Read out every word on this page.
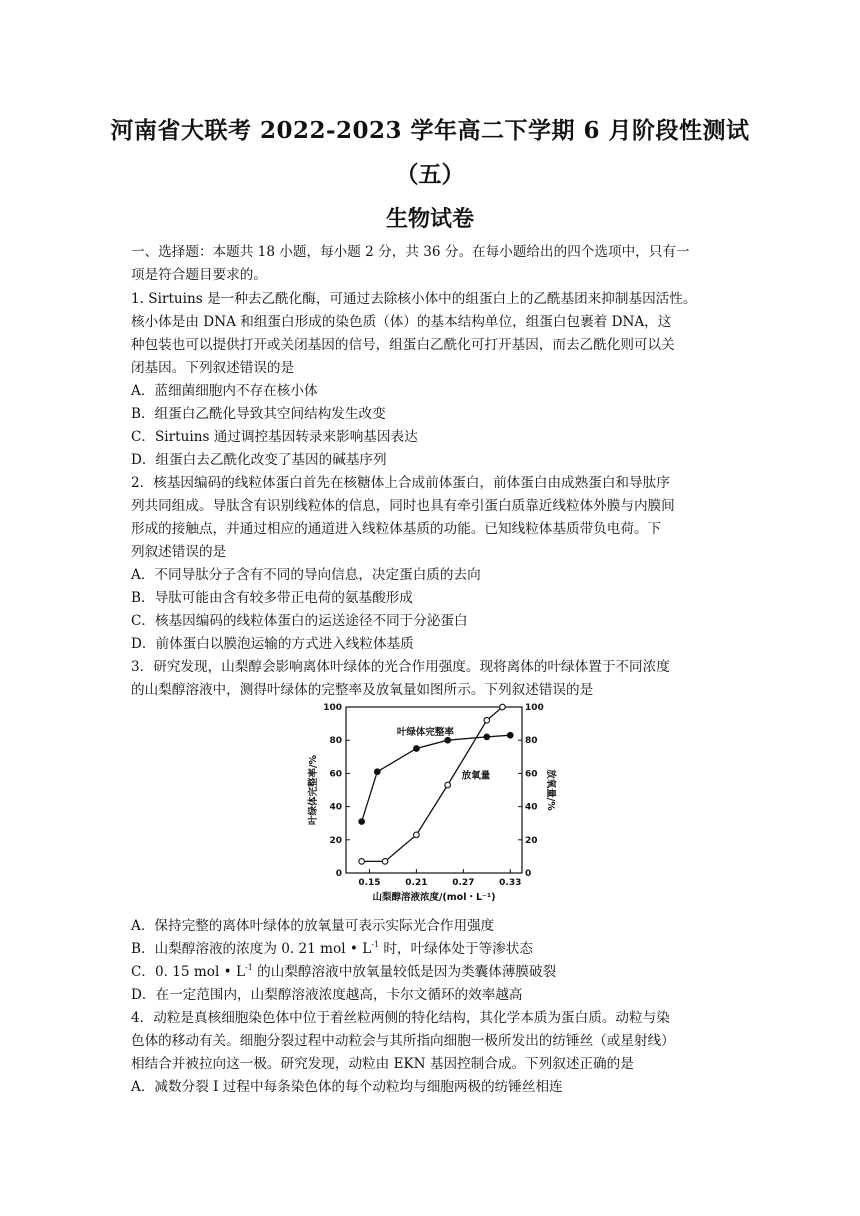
河南省大联考 2022-2023 学年高二下学期 6 月阶段性测试
（五）
生物试卷
一、选择题：本题共 18 小题，每小题 2 分，共 36 分。在每小题给出的四个选项中，只有一
项是符合题目要求的。
1. Sirtuins 是一种去乙酰化酶，可通过去除核小体中的组蛋白上的乙酰基团来抑制基因活性。
核小体是由 DNA 和组蛋白形成的染色质（体）的基本结构单位，组蛋白包裹着 DNA，这
种包装也可以提供打开或关闭基因的信号，组蛋白乙酰化可打开基因，而去乙酰化则可以关
闭基因。下列叙述错误的是
A．蓝细菌细胞内不存在核小体
B．组蛋白乙酰化导致其空间结构发生改变
C．Sirtuins 通过调控基因转录来影响基因表达
D．组蛋白去乙酰化改变了基因的碱基序列
2．核基因编码的线粒体蛋白首先在核糖体上合成前体蛋白，前体蛋白由成熟蛋白和导肽序
列共同组成。导肽含有识别线粒体的信息，同时也具有牵引蛋白质靠近线粒体外膜与内膜间
形成的接触点，并通过相应的通道进入线粒体基质的功能。已知线粒体基质带负电荷。下
列叙述错误的是
A．不同导肽分子含有不同的导向信息，决定蛋白质的去向
B．导肽可能由含有较多带正电荷的氨基酸形成
C．核基因编码的线粒体蛋白的运送途径不同于分泌蛋白
D．前体蛋白以膜泡运输的方式进入线粒体基质
3．研究发现，山梨醇会影响离体叶绿体的光合作用强度。现将离体的叶绿体置于不同浓度
的山梨醇溶液中，测得叶绿体的完整率及放氧量如图所示。下列叙述错误的是
0	0
20	20
40	40
60	60
80	80
100	100
0.15	0.21	0.27	0.33
叶绿体完整率
放氧量
叶绿体完整率/%	放氧量/%
山梨醇溶液浓度/(mol・L⁻¹)
A．保持完整的离体叶绿体的放氧量可表示实际光合作用强度
B．山梨醇溶液的浓度为 0. 21 mol • $L^{-1}$ 时，叶绿体处于等渗状态
C．0. 15 mol • $L^{-1}$ 的山梨醇溶液中放氧量较低是因为类囊体薄膜破裂
D．在一定范围内，山梨醇溶液浓度越高，卡尔文循环的效率越高
4．动粒是真核细胞染色体中位于着丝粒两侧的特化结构，其化学本质为蛋白质。动粒与染
色体的移动有关。细胞分裂过程中动粒会与其所指向细胞一极所发出的纺锤丝（或星射线）
相结合并被拉向这一极。研究发现，动粒由 EKN 基因控制合成。下列叙述正确的是
A．减数分裂 I 过程中每条染色体的每个动粒均与细胞两极的纺锤丝相连
